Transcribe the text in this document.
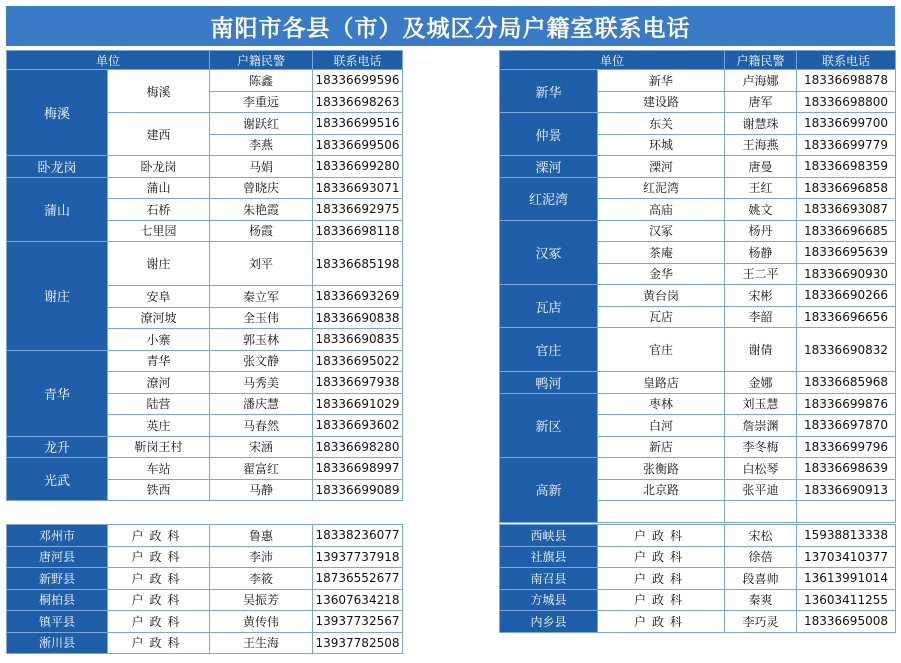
南阳市各县（市）及城区分局户籍室联系电话
单位		户籍民警	联系电话
梅溪	梅溪	陈鑫	18336699596
		李重远	18336698263
	建西	谢跃红	18336699516
		李燕	18336699506
卧龙岗	卧龙岗	马娟	18336699280
蒲山	蒲山	曾晓庆	18336693071
	石桥	朱艳霞	18336692975
	七里园	杨霞	18336698118
谢庄	谢庄	刘平	18336685198
	安阜	秦立军	18336693269
	潦河坡	全玉伟	18336690838
	小寨	郭玉林	18336690835
青华	青华	张文静	18336695022
	潦河	马秀美	18336697938
	陆营	潘庆慧	18336691029
	英庄	马春然	18336693602
龙升	靳岗王村	宋涵	18336698280
光武	车站	翟富红	18336698997
	铁西	马静	18336699089
单位		户籍民警	联系电话	
新华	新华	卢海娜	18336698878	
	建设路	唐军	18336698800	
仲景	东关	谢慧珠	18336699700	
	环城	王海燕	18336699779	
溧河	溧河	唐曼	18336698359	
红泥湾	红泥湾	王红	18336696858	
	高庙	姚文	18336693087	
汉冢	汉冢	杨丹	18336696685	
	茶庵	杨静	18336695639	
	金华	王二平	18336690930	
瓦店	黄台岗	宋彬	18336690266	
	瓦店	李韶	18336696656	
官庄	官庄	谢倩	18336690832	
鸭河	皇路店	金娜	18336685968	
新区	枣林	刘玉慧	18336699876	
	白河	詹崇渊	18336697870	
	新店	李冬梅	18336699796	
高新	张衡路	白松琴	18336698639	
	北京路	张平迪	18336690913	

邓州市	户政科	鲁惠	18338236077
唐河县	户政科	李沛	13937737918
新野县	户政科	李筱	18736552677
桐柏县	户政科	吴振芳	13607634218
镇平县	户政科	黄传伟	13937732567
淅川县	户政科	王生海	13937782508
西峡县	户政科	宋松	15938813338
社旗县	户政科	徐蓓	13703410377
南召县	户政科	段喜帅	13613991014
方城县	户政科	秦爽	13603411255
内乡县	户政科	李巧灵	18336695008
